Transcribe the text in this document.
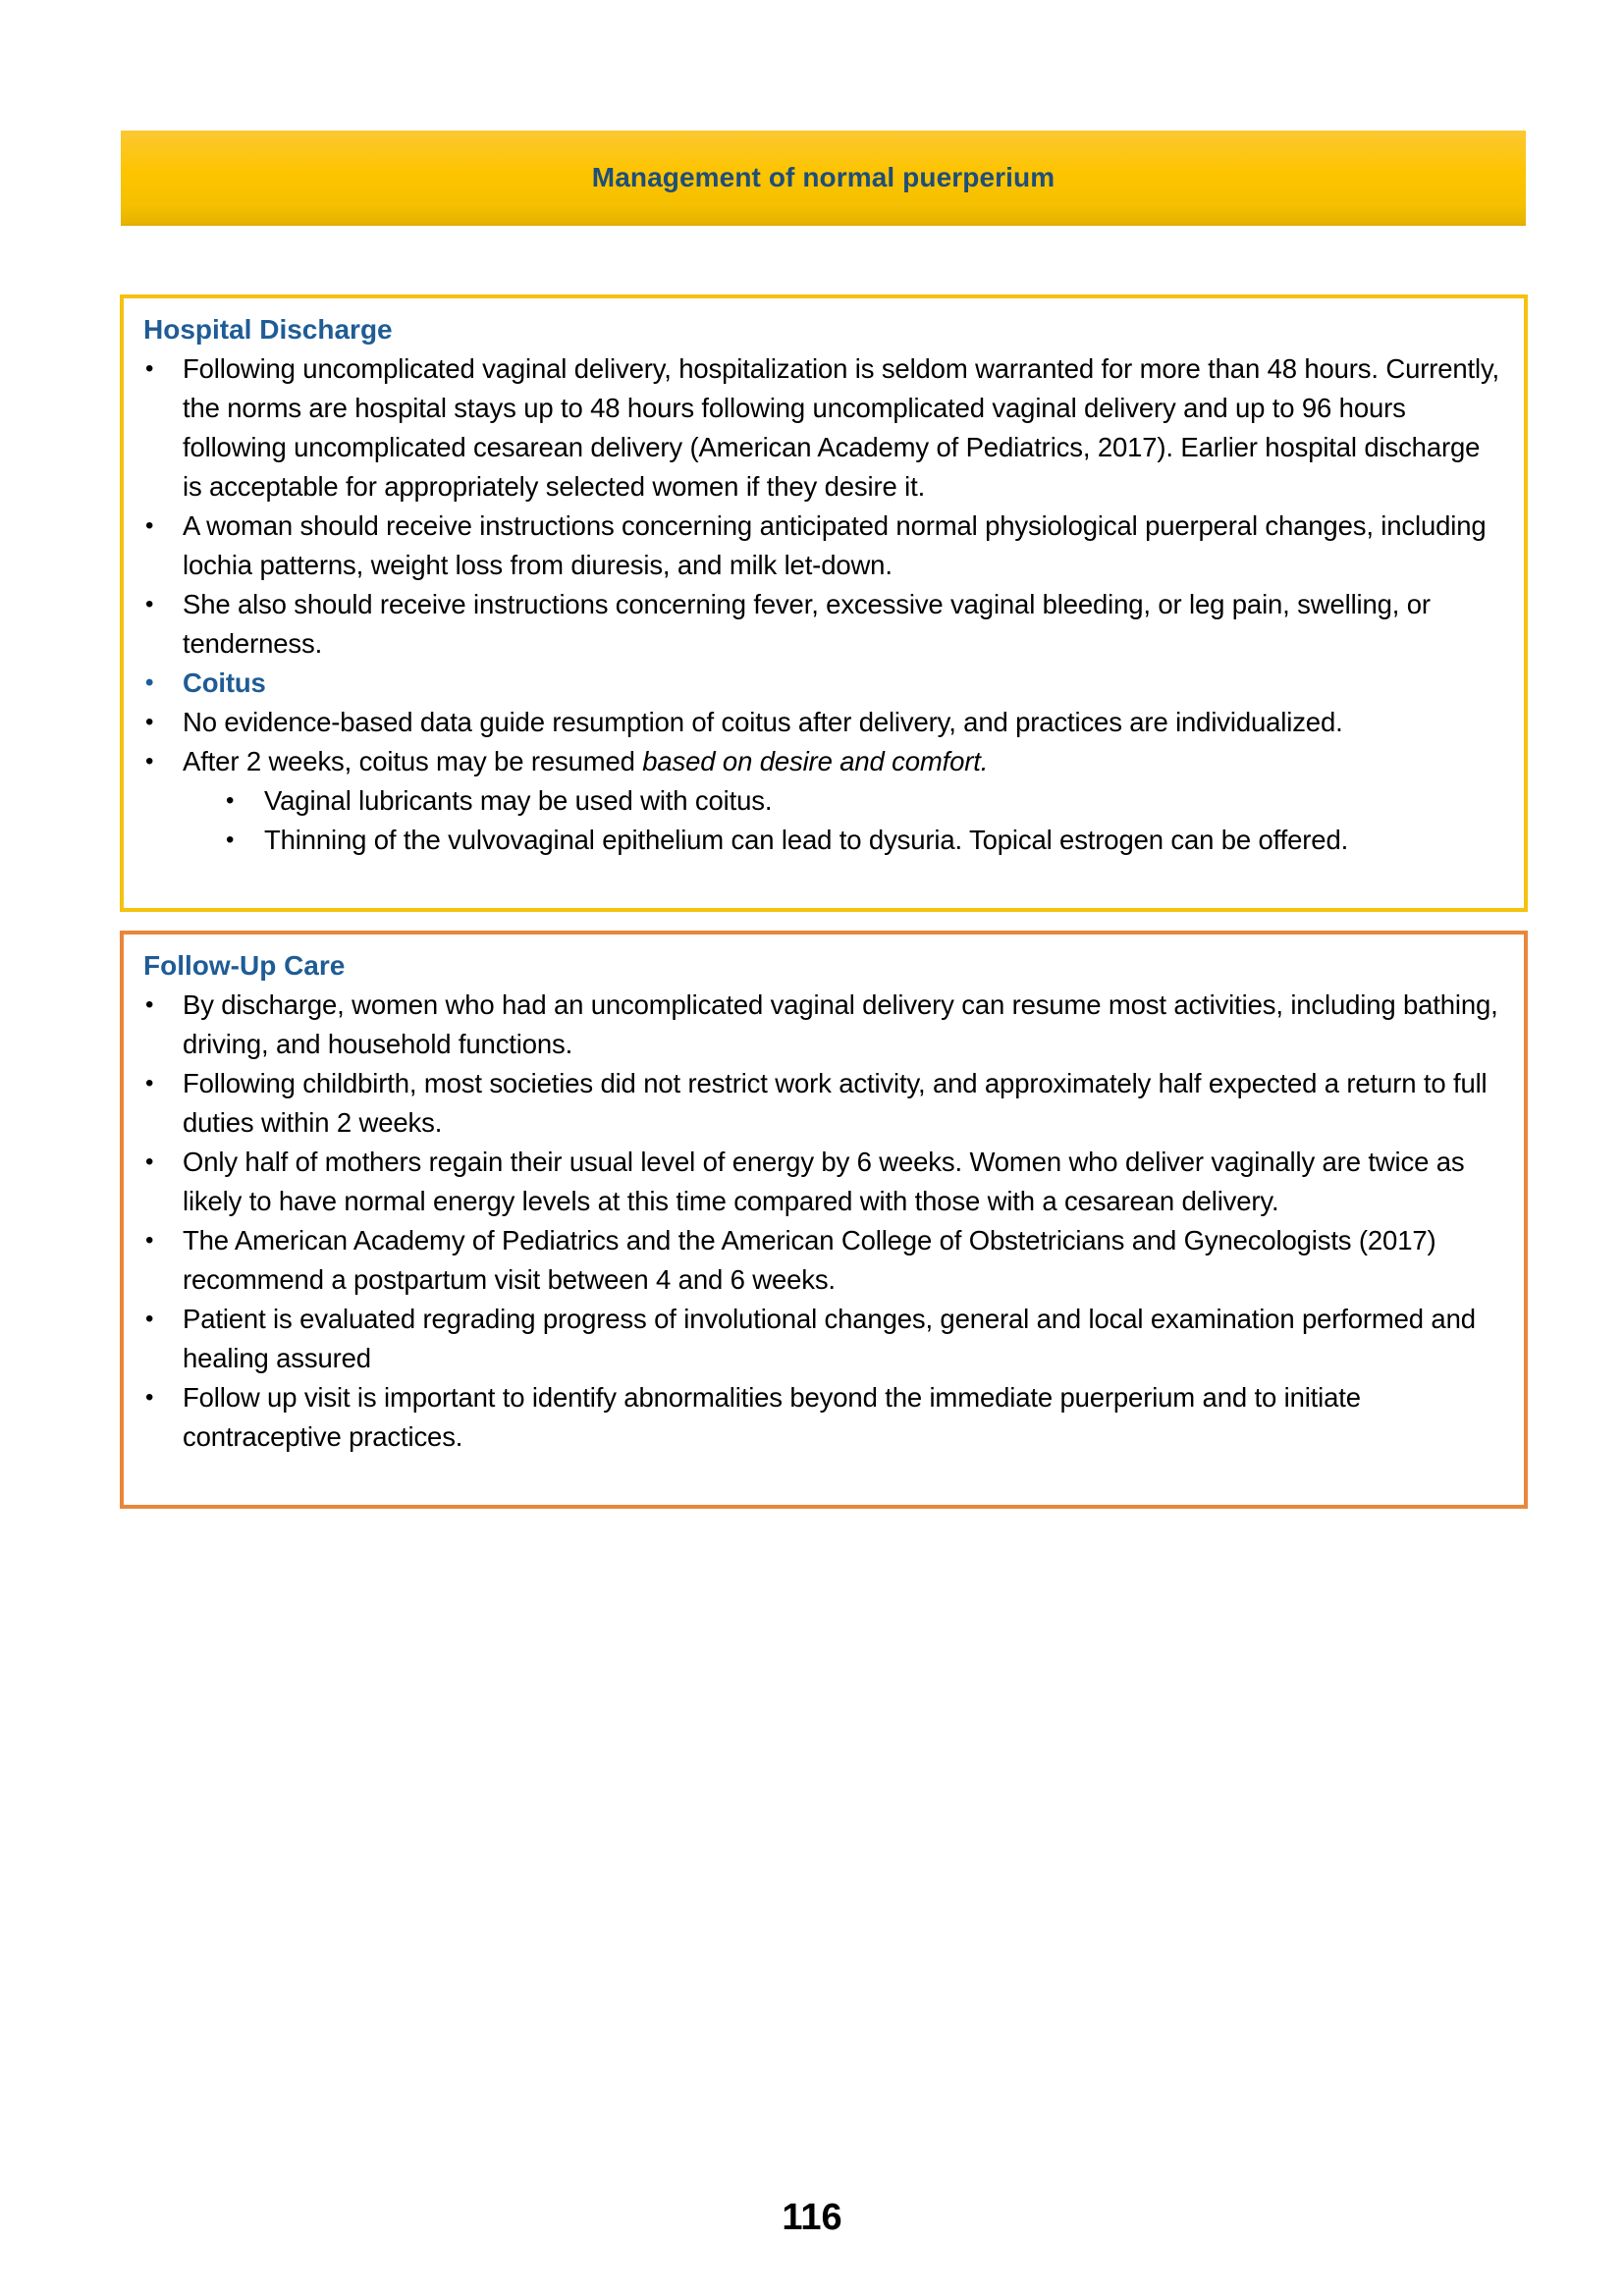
Management of normal puerperium
Hospital Discharge
• Following uncomplicated vaginal delivery, hospitalization is seldom warranted for more than 48 hours. Currently, the norms are hospital stays up to 48 hours following uncomplicated vaginal delivery and up to 96 hours following uncomplicated cesarean delivery (American Academy of Pediatrics, 2017). Earlier hospital discharge is acceptable for appropriately selected women if they desire it.
• A woman should receive instructions concerning anticipated normal physiological puerperal changes, including lochia patterns, weight loss from diuresis, and milk let-down.
• She also should receive instructions concerning fever, excessive vaginal bleeding, or leg pain, swelling, or tenderness.
• Coitus
• No evidence-based data guide resumption of coitus after delivery, and practices are individualized.
• After 2 weeks, coitus may be resumed based on desire and comfort.
• Vaginal lubricants may be used with coitus.
• Thinning of the vulvovaginal epithelium can lead to dysuria. Topical estrogen can be offered.
Follow-Up Care
• By discharge, women who had an uncomplicated vaginal delivery can resume most activities, including bathing, driving, and household functions.
• Following childbirth, most societies did not restrict work activity, and approximately half expected a return to full duties within 2 weeks.
• Only half of mothers regain their usual level of energy by 6 weeks. Women who deliver vaginally are twice as likely to have normal energy levels at this time compared with those with a cesarean delivery.
• The American Academy of Pediatrics and the American College of Obstetricians and Gynecologists (2017) recommend a postpartum visit between 4 and 6 weeks.
• Patient is evaluated regrading progress of involutional changes, general and local examination performed and healing assured
• Follow up visit is important to identify abnormalities beyond the immediate puerperium and to initiate contraceptive practices.
116
